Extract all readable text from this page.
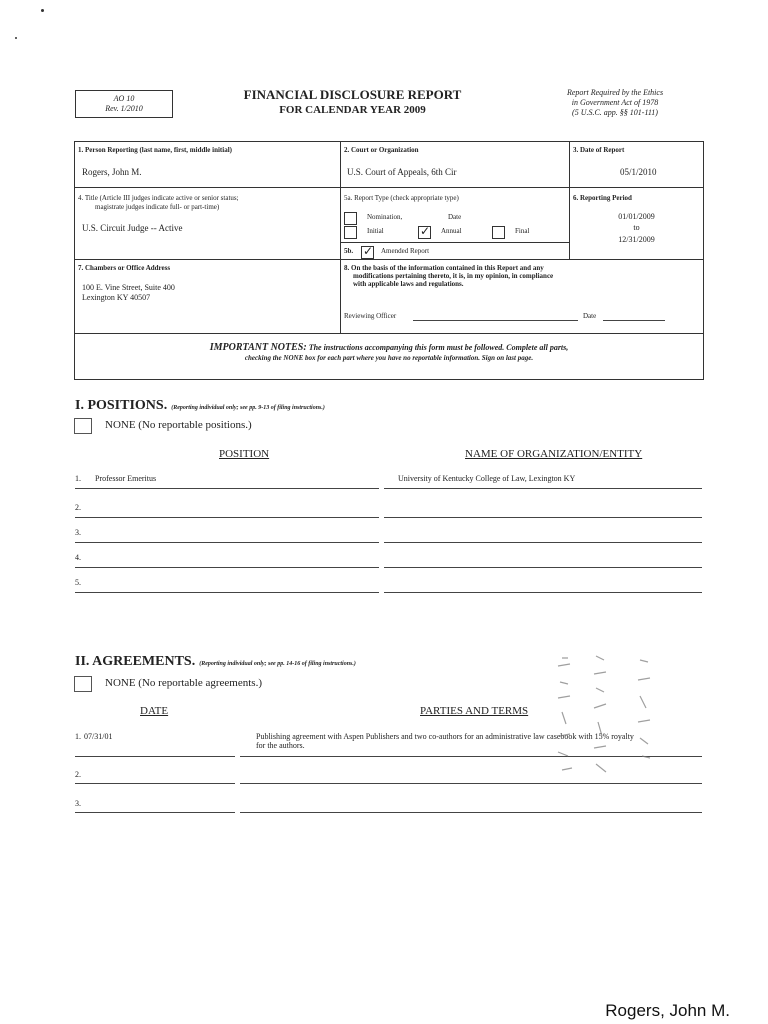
AO 10
Rev. 1/2010
FINANCIAL DISCLOSURE REPORT
FOR CALENDAR YEAR 2009
Report Required by the Ethics
in Government Act of 1978
(5 U.S.C. app. §§ 101-111)
1. Person Reporting (last name, first, middle initial)
Rogers, John M.
2. Court or Organization
U.S. Court of Appeals, 6th Cir
3. Date of Report
05/1/2010
4. Title (Article III judges indicate active or senior status;
magistrate judges indicate full- or part-time)
U.S. Circuit Judge -- Active
5a. Report Type (check appropriate type)
Nomination,	Date
Initial ✓	Annual	Final
5b. ✓	Amended Report
6. Reporting Period
01/01/2009
to
12/31/2009
7. Chambers or Office Address
100 E. Vine Street, Suite 400
Lexington KY 40507
8. On the basis of the information contained in this Report and any
modifications pertaining thereto, it is, in my opinion, in compliance
with applicable laws and regulations.
Reviewing Officer	Date
IMPORTANT NOTES: The instructions accompanying this form must be followed. Complete all parts,
checking the NONE box for each part where you have no reportable information. Sign on last page.
I. POSITIONS. (Reporting individual only; see pp. 9-13 of filing instructions.)
NONE (No reportable positions.)
POSITION	NAME OF ORGANIZATION/ENTITY
1. Professor Emeritus	University of Kentucky College of Law, Lexington KY
2.
3.
4.
5.
II. AGREEMENTS. (Reporting individual only; see pp. 14-16 of filing instructions.)
NONE (No reportable agreements.)
DATE	PARTIES AND TERMS
1. 07/31/01	Publishing agreement with Aspen Publishers and two co-authors for an administrative law casebook with 15% royalty
for the authors.
2.
3.
Rogers, John M.
